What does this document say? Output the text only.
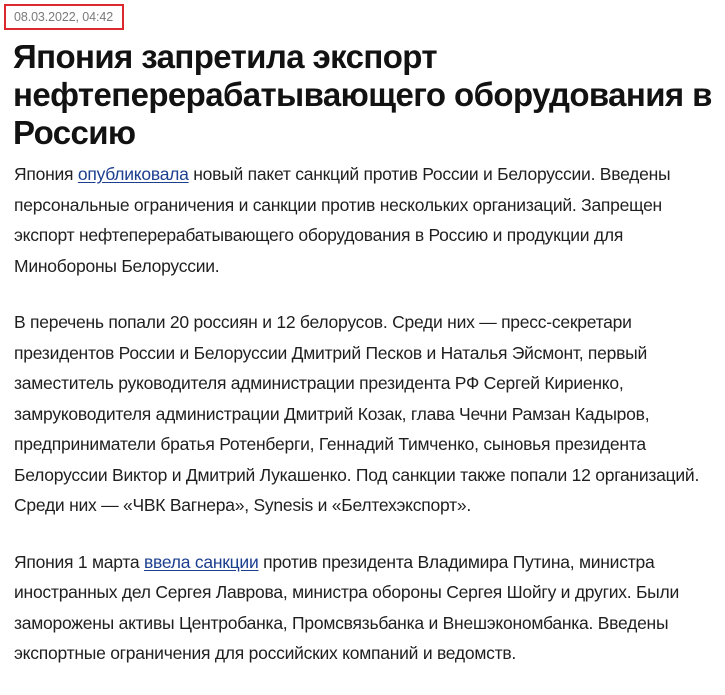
08.03.2022, 04:42
Япония запретила экспорт нефтеперерабатывающего оборудования в Россию

Япония опубликовала новый пакет санкций против России и Белоруссии. Введены персональные ограничения и санкции против нескольких организаций. Запрещен экспорт нефтеперерабатывающего оборудования в Россию и продукции для Минобороны Белоруссии.

В перечень попали 20 россиян и 12 белорусов. Среди них — пресс-секретари президентов России и Белоруссии Дмитрий Песков и Наталья Эйсмонт, первый заместитель руководителя администрации президента РФ Сергей Кириенко, замруководителя администрации Дмитрий Козак, глава Чечни Рамзан Кадыров, предприниматели братья Ротенберги, Геннадий Тимченко, сыновья президента Белоруссии Виктор и Дмитрий Лукашенко. Под санкции также попали 12 организаций. Среди них — «ЧВК Вагнера», Synesis и «Белтехэкспорт».

Япония 1 марта ввела санкции против президента Владимира Путина, министра иностранных дел Сергея Лаврова, министра обороны Сергея Шойгу и других. Были заморожены активы Центробанка, Промсвязьбанка и Внешэкономбанка. Введены экспортные ограничения для российских компаний и ведомств.
